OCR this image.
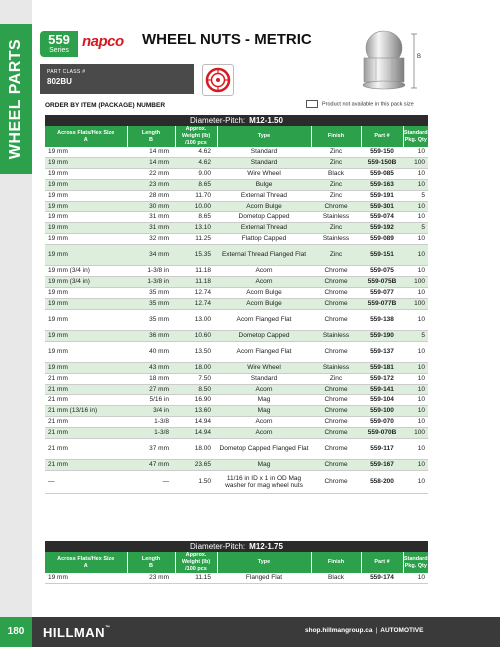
WHEEL PARTS	559
Series
napco WHEEL NUTS - METRIC
PART CLASS #
802BU
B
ORDER BY ITEM (PACKAGE) NUMBER	Product not available in this pack size
Diameter-Pitch: M12-1.50
Across Flats/Hex Size
A	Length
B	Approx.
Weight (lb)
/100 pcs	Type	Finish	Part #	Standard
Pkg. Qty
19 mm	14 mm	4.62	Standard	Zinc	559-150	10
19 mm	14 mm	4.62	Standard	Zinc	559-150B	100
19 mm	22 mm	9.00	Wire Wheel	Black	559-085	10
19 mm	23 mm	8.65	Bulge	Zinc	559-163	10
19 mm	28 mm	11.70	External Thread	Zinc	559-191	5
19 mm	30 mm	10.00	Acorn Bulge	Chrome	559-301	10
19 mm	31 mm	8.65	Dometop Capped	Stainless	559-074	10
19 mm	31 mm	13.10	External Thread	Zinc	559-192	5
19 mm	32 mm	11.25	Flattop Capped	Stainless	559-089	10
19 mm	34 mm	15.35	External Thread Flanged Flat	Zinc	559-151	10
19 mm (3/4 in)	1-3/8 in	11.18	Acorn	Chrome	559-075	10
19 mm (3/4 in)	1-3/8 in	11.18	Acorn	Chrome	559-075B	100
19 mm	35 mm	12.74	Acorn Bulge	Chrome	559-077	10
19 mm	35 mm	12.74	Acorn Bulge	Chrome	559-077B	100
19 mm	35 mm	13.00	Acorn Flanged Flat	Chrome	559-138	10
19 mm	36 mm	10.60	Dometop Capped	Stainless	559-190	5
19 mm	40 mm	13.50	Acorn Flanged Flat	Chrome	559-137	10
19 mm	43 mm	18.00	Wire Wheel	Stainless	559-181	10
21 mm	18 mm	7.50	Standard	Zinc	559-172	10
21 mm	27 mm	8.50	Acorn	Chrome	559-141	10
21 mm	5/16 in	16.90	Mag	Chrome	559-104	10
21 mm (13/16 in)	3/4 in	13.60	Mag	Chrome	559-100	10
21 mm	1-3/8	14.94	Acorn	Chrome	559-070	10
21 mm	1-3/8	14.94	Acorn	Chrome	559-070B	100
21 mm	37 mm	18.00	Dometop Capped Flanged Flat	Chrome	559-117	10
21 mm	47 mm	23.65	Mag	Chrome	559-167	10
—	—	1.50	11/16 in ID x 1 in OD Mag washer for mag wheel nuts	Chrome	558-200	10
Diameter-Pitch: M12-1.75
Across Flats/Hex Size
A	Length
B	Approx.
Weight (lb)
/100 pcs	Type	Finish	Part #	Standard
Pkg. Qty
19 mm	23 mm	11.15	Flanged Flat	Black	559-174	10
180	HILLMAN™	shop.hillmangroup.ca | AUTOMOTIVE
